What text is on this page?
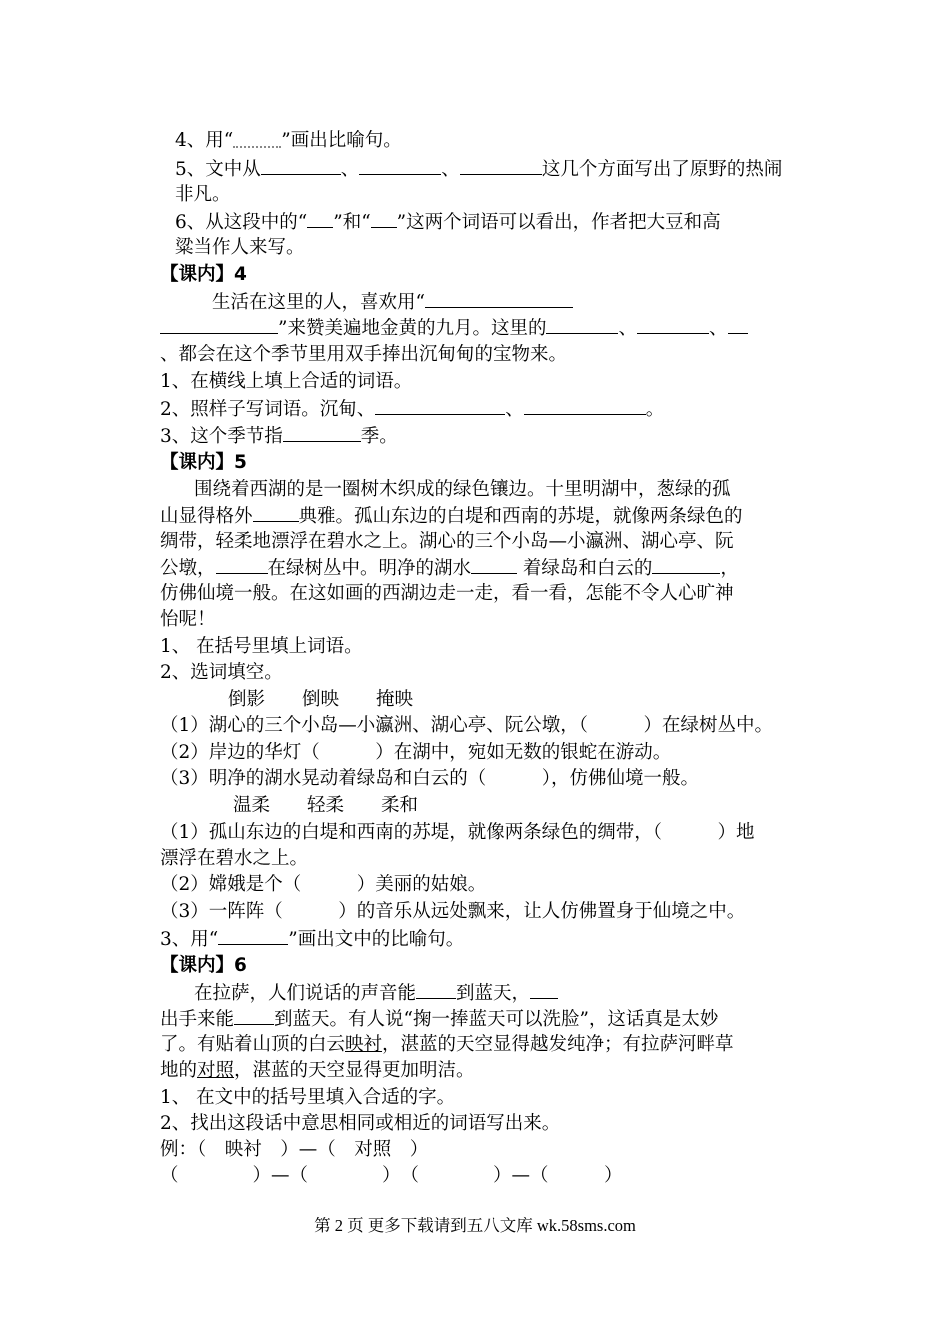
4、用“	”画出比喻句。
5、文中从	、	、	这几个方面写出了原野的热闹
非凡。
6、从这段中的“ ”和“ ”这两个词语可以看出，作者把大豆和高
粱当作人来写。
【课内】4
生活在这里的人，喜欢用“
”来赞美遍地金黄的九月。这里的	、	、
、都会在这个季节里用双手捧出沉甸甸的宝物来。
1、在横线上填上合适的词语。
2、照样子写词语。沉甸、	、	。
3、这个季节指	季。
【课内】5
围绕着西湖的是一圈树木织成的绿色镶边。十里明湖中，葱绿的孤
山显得格外 典雅。孤山东边的白堤和西南的苏堤，就像两条绿色的
绸带，轻柔地漂浮在碧水之上。湖心的三个小岛—小瀛洲、湖心亭、阮
公墩，	在绿树丛中。明净的湖水 着绿岛和白云的	，
仿佛仙境一般。在这如画的西湖边走一走，看一看，怎能不令人心旷神
怡呢！
1、 在括号里填上词语。
2、选词填空。
倒影　　倒映　　掩映
（1）湖心的三个小岛—小瀛洲、湖心亭、阮公墩，（　　　）在绿树丛中。
（2）岸边的华灯（　　　）在湖中，宛如无数的银蛇在游动。
（3）明净的湖水晃动着绿岛和白云的（　　　），仿佛仙境一般。
温柔　　轻柔　　柔和
（1）孤山东边的白堤和西南的苏堤，就像两条绿色的绸带，（　　　）地
漂浮在碧水之上。
（2）嫦娥是个（　　　）美丽的姑娘。
（3）一阵阵（　　　）的音乐从远处飘来，让人仿佛置身于仙境之中。
3、用“	”画出文中的比喻句。
【课内】6
在拉萨，人们说话的声音能 到蓝天，
出手来能 到蓝天。有人说“掬一捧蓝天可以洗脸”，这话真是太妙
了。有贴着山顶的白云映衬，湛蓝的天空显得越发纯净；有拉萨河畔草
地的对照，湛蓝的天空显得更加明洁。
1、 在文中的括号里填入合适的字。
2、找出这段话中意思相同或相近的词语写出来。
例：（　映衬　）—（　对照　）
（　　　　）—（　　　　）　（　　　　）—（　　　）
第 2 页 更多下载请到五八文库 wk.58sms.com
